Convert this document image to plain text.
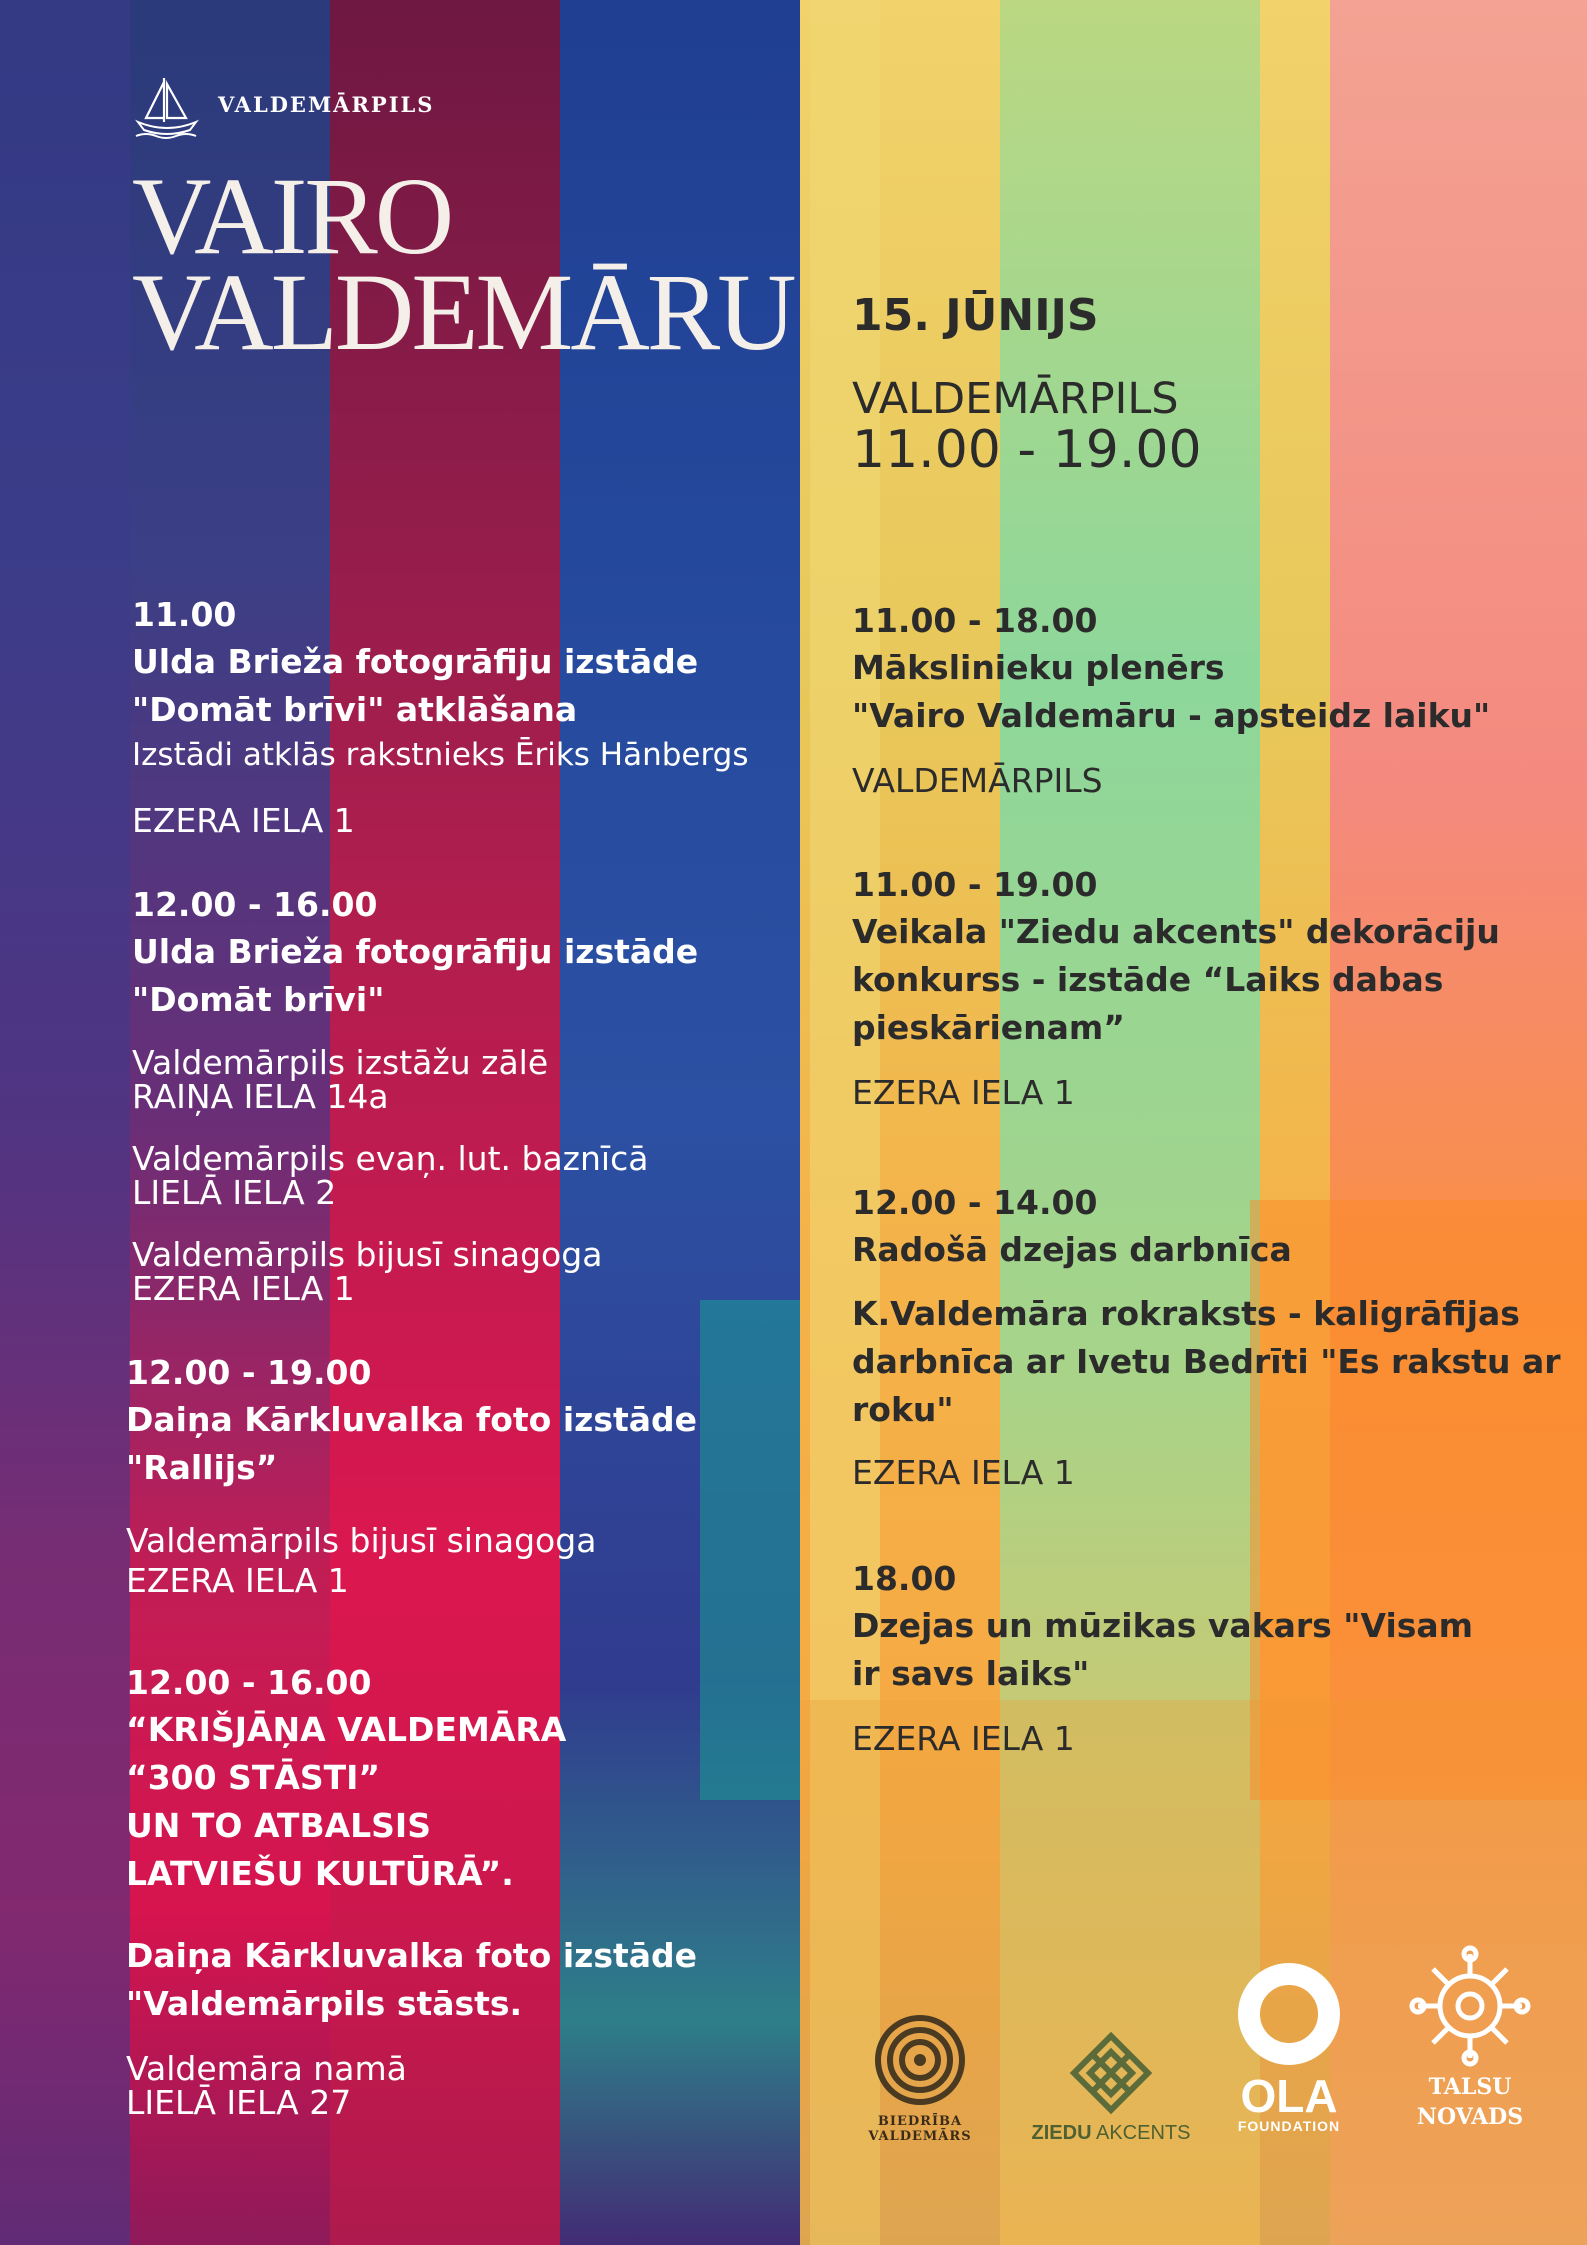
VALDEMĀRPILS
VAIRO
VALDEMĀRU 15. JŪNIJS
VALDEMĀRPILS
11.00 - 19.00
11.00
Ulda Brieža fotogrāfiju izstāde
"Domāt brīvi" atklāšana
Izstādi atklās rakstnieks Ēriks Hānbergs
EZERA IELA 1
12.00 - 16.00
Ulda Brieža fotogrāfiju izstāde
"Domāt brīvi"
Valdemārpils izstāžu zālē
RAIŅA IELA 14a
Valdemārpils evaņ. lut. baznīcā
LIELĀ IELA 2
Valdemārpils bijusī sinagoga
EZERA IELA 1
12.00 - 19.00
Daiņa Kārkluvalka foto izstāde
"Rallijs”
Valdemārpils bijusī sinagoga
EZERA IELA 1
12.00 - 16.00
“KRIŠJĀŅA VALDEMĀRA
“300 STĀSTI”
UN TO ATBALSIS
LATVIEŠU KULTŪRĀ”.
Daiņa Kārkluvalka foto izstāde
"Valdemārpils stāsts.
Valdemāra namā
LIELĀ IELA 27
11.00 - 18.00
Mākslinieku plenērs
"Vairo Valdemāru - apsteidz laiku"
VALDEMĀRPILS
11.00 - 19.00
Veikala "Ziedu akcents" dekorāciju
konkurss - izstāde “Laiks dabas
pieskārienam”
EZERA IELA 1
12.00 - 14.00
Radošā dzejas darbnīca
K.Valdemāra rokraksts - kaligrāfijas
darbnīca ar Ivetu Bedrīti "Es rakstu ar
roku"
EZERA IELA 1
18.00
Dzejas un mūzikas vakars "Visam
ir savs laiks"
EZERA IELA 1
BIEDRĪBA
VALDEMĀRS	ZIEDU AKCENTS
OLA
FOUNDATION
TALSU
NOVADS
